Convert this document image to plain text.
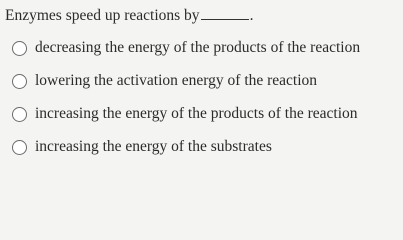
Enzymes speed up reactions by	.
decreasing the energy of the products of the reaction
lowering the activation energy of the reaction
increasing the energy of the products of the reaction
increasing the energy of the substrates
